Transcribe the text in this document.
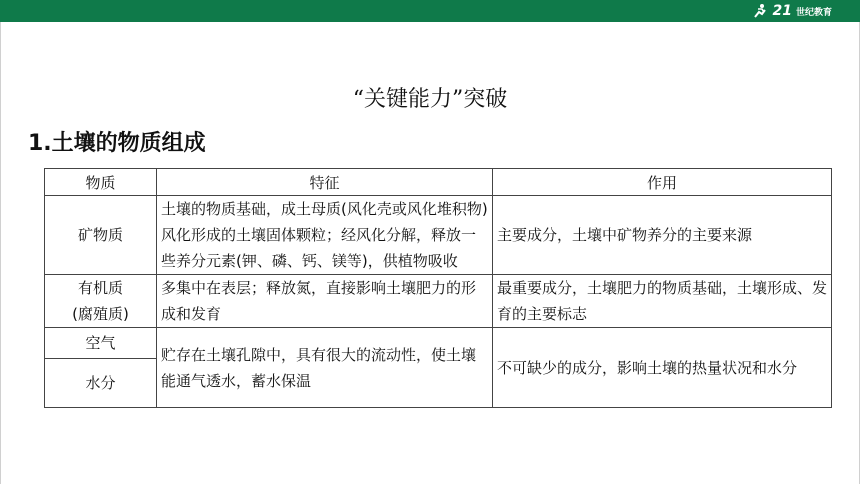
21 世纪教育
“关键能力”突破
1.土壤的物质组成
物质	特征	作用
矿物质	土壤的物质基础，成土母质(风化壳或风化堆积物)风化形成的土壤固体颗粒；经风化分解，释放一些养分元素(钾、磷、钙、镁等)，供植物吸收	主要成分，土壤中矿物养分的主要来源

有机质
(腐殖质)	多集中在表层；释放氮，直接影响土壤肥力的形成和发育	最重要成分，土壤肥力的物质基础，土壤形成、发育的主要标志
空气	贮存在土壤孔隙中，具有很大的流动性，使土壤能通气透水，蓄水保温	不可缺少的成分，影响土壤的热量状况和水分
水分		
